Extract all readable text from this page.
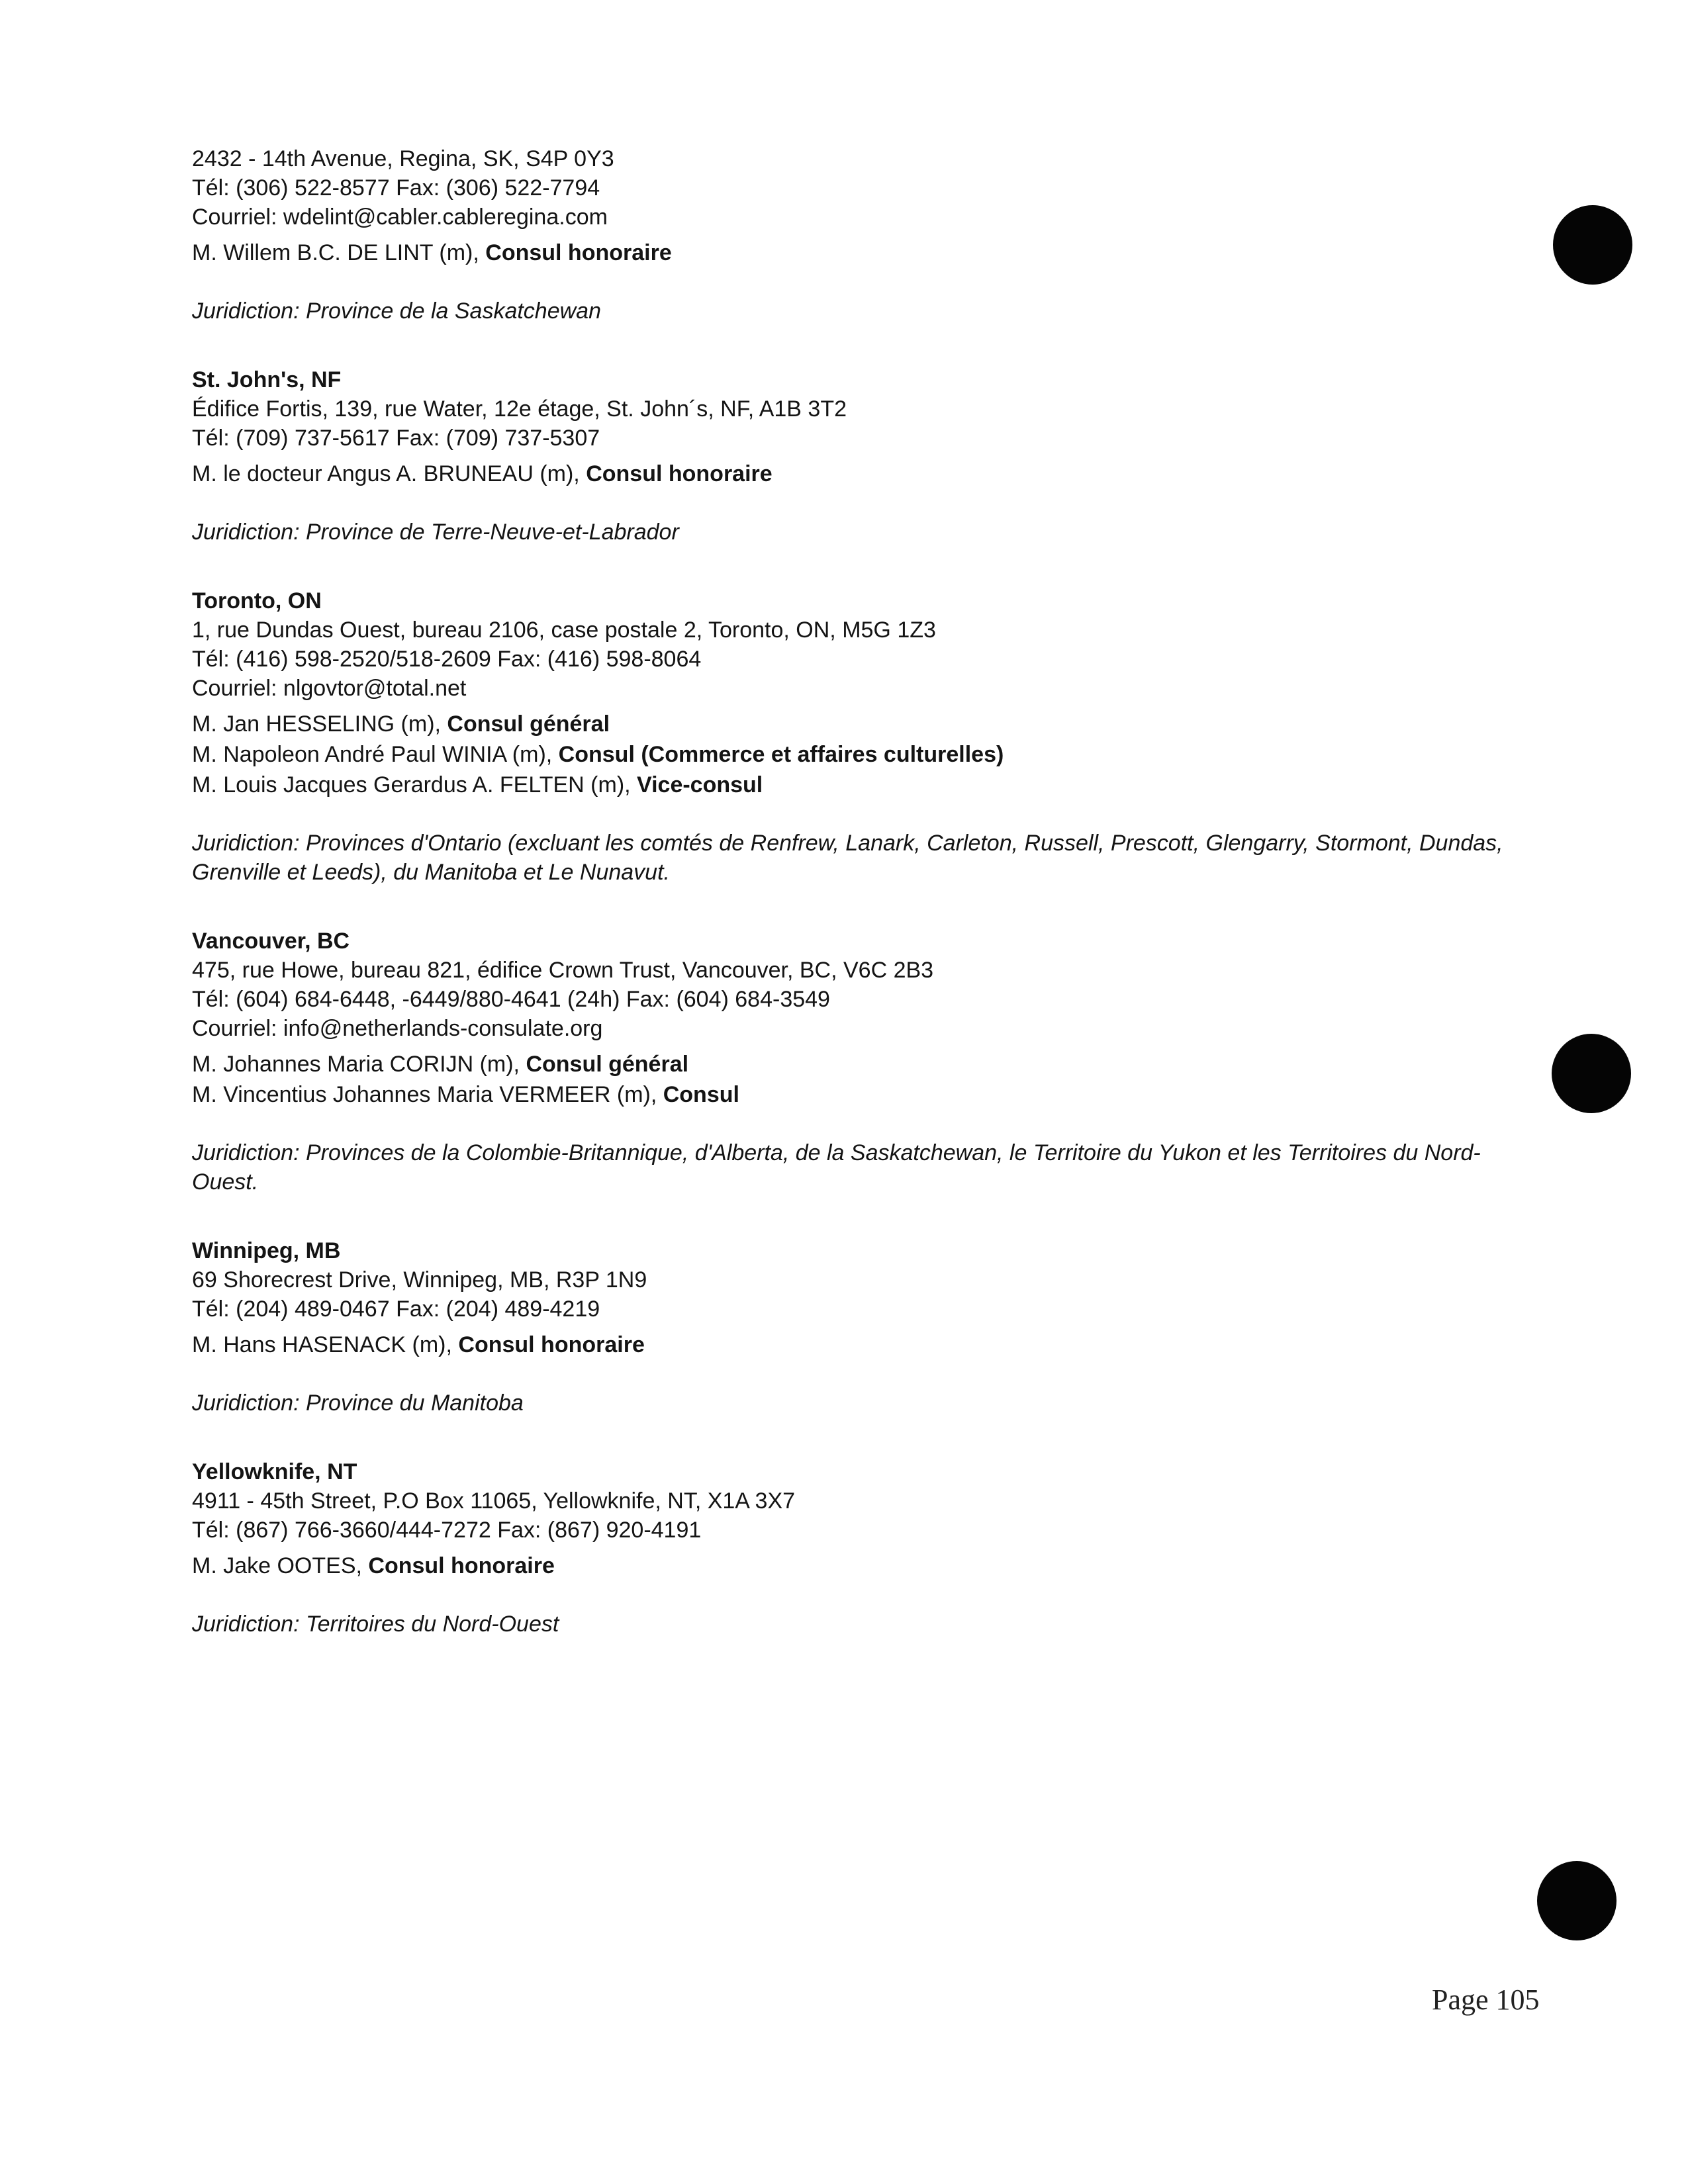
2432 - 14th Avenue, Regina, SK, S4P 0Y3
Tél: (306) 522-8577 Fax: (306) 522-7794
Courriel: wdelint@cabler.cableregina.com
M. Willem B.C. DE LINT (m), Consul honoraire
Juridiction: Province de la Saskatchewan
St. John's, NF
Édifice Fortis, 139, rue Water, 12e étage, St. John´s, NF, A1B 3T2
Tél: (709) 737-5617 Fax: (709) 737-5307
M. le docteur Angus A. BRUNEAU (m), Consul honoraire
Juridiction: Province de Terre-Neuve-et-Labrador
Toronto, ON
1, rue Dundas Ouest, bureau 2106, case postale 2, Toronto, ON, M5G 1Z3
Tél: (416) 598-2520/518-2609 Fax: (416) 598-8064
Courriel: nlgovtor@total.net
M. Jan HESSELING (m), Consul général
M. Napoleon André Paul WINIA (m), Consul (Commerce et affaires culturelles)
M. Louis Jacques Gerardus A. FELTEN (m), Vice-consul
Juridiction: Provinces d'Ontario (excluant les comtés de Renfrew, Lanark, Carleton, Russell, Prescott, Glengarry, Stormont, Dundas, Grenville et Leeds), du Manitoba et Le Nunavut.
Vancouver, BC
475, rue Howe, bureau 821, édifice Crown Trust, Vancouver, BC, V6C 2B3
Tél: (604) 684-6448, -6449/880-4641 (24h) Fax: (604) 684-3549
Courriel: info@netherlands-consulate.org
M. Johannes Maria CORIJN (m), Consul général
M. Vincentius Johannes Maria VERMEER (m), Consul
Juridiction: Provinces de la Colombie-Britannique, d'Alberta, de la Saskatchewan, le Territoire du Yukon et les Territoires du Nord-Ouest.
Winnipeg, MB
69 Shorecrest Drive, Winnipeg, MB, R3P 1N9
Tél: (204) 489-0467 Fax: (204) 489-4219
M. Hans HASENACK (m), Consul honoraire
Juridiction: Province du Manitoba
Yellowknife, NT
4911 - 45th Street, P.O Box 11065, Yellowknife, NT, X1A 3X7
Tél: (867) 766-3660/444-7272 Fax: (867) 920-4191
M. Jake OOTES, Consul honoraire
Juridiction: Territoires du Nord-Ouest
Page 105
